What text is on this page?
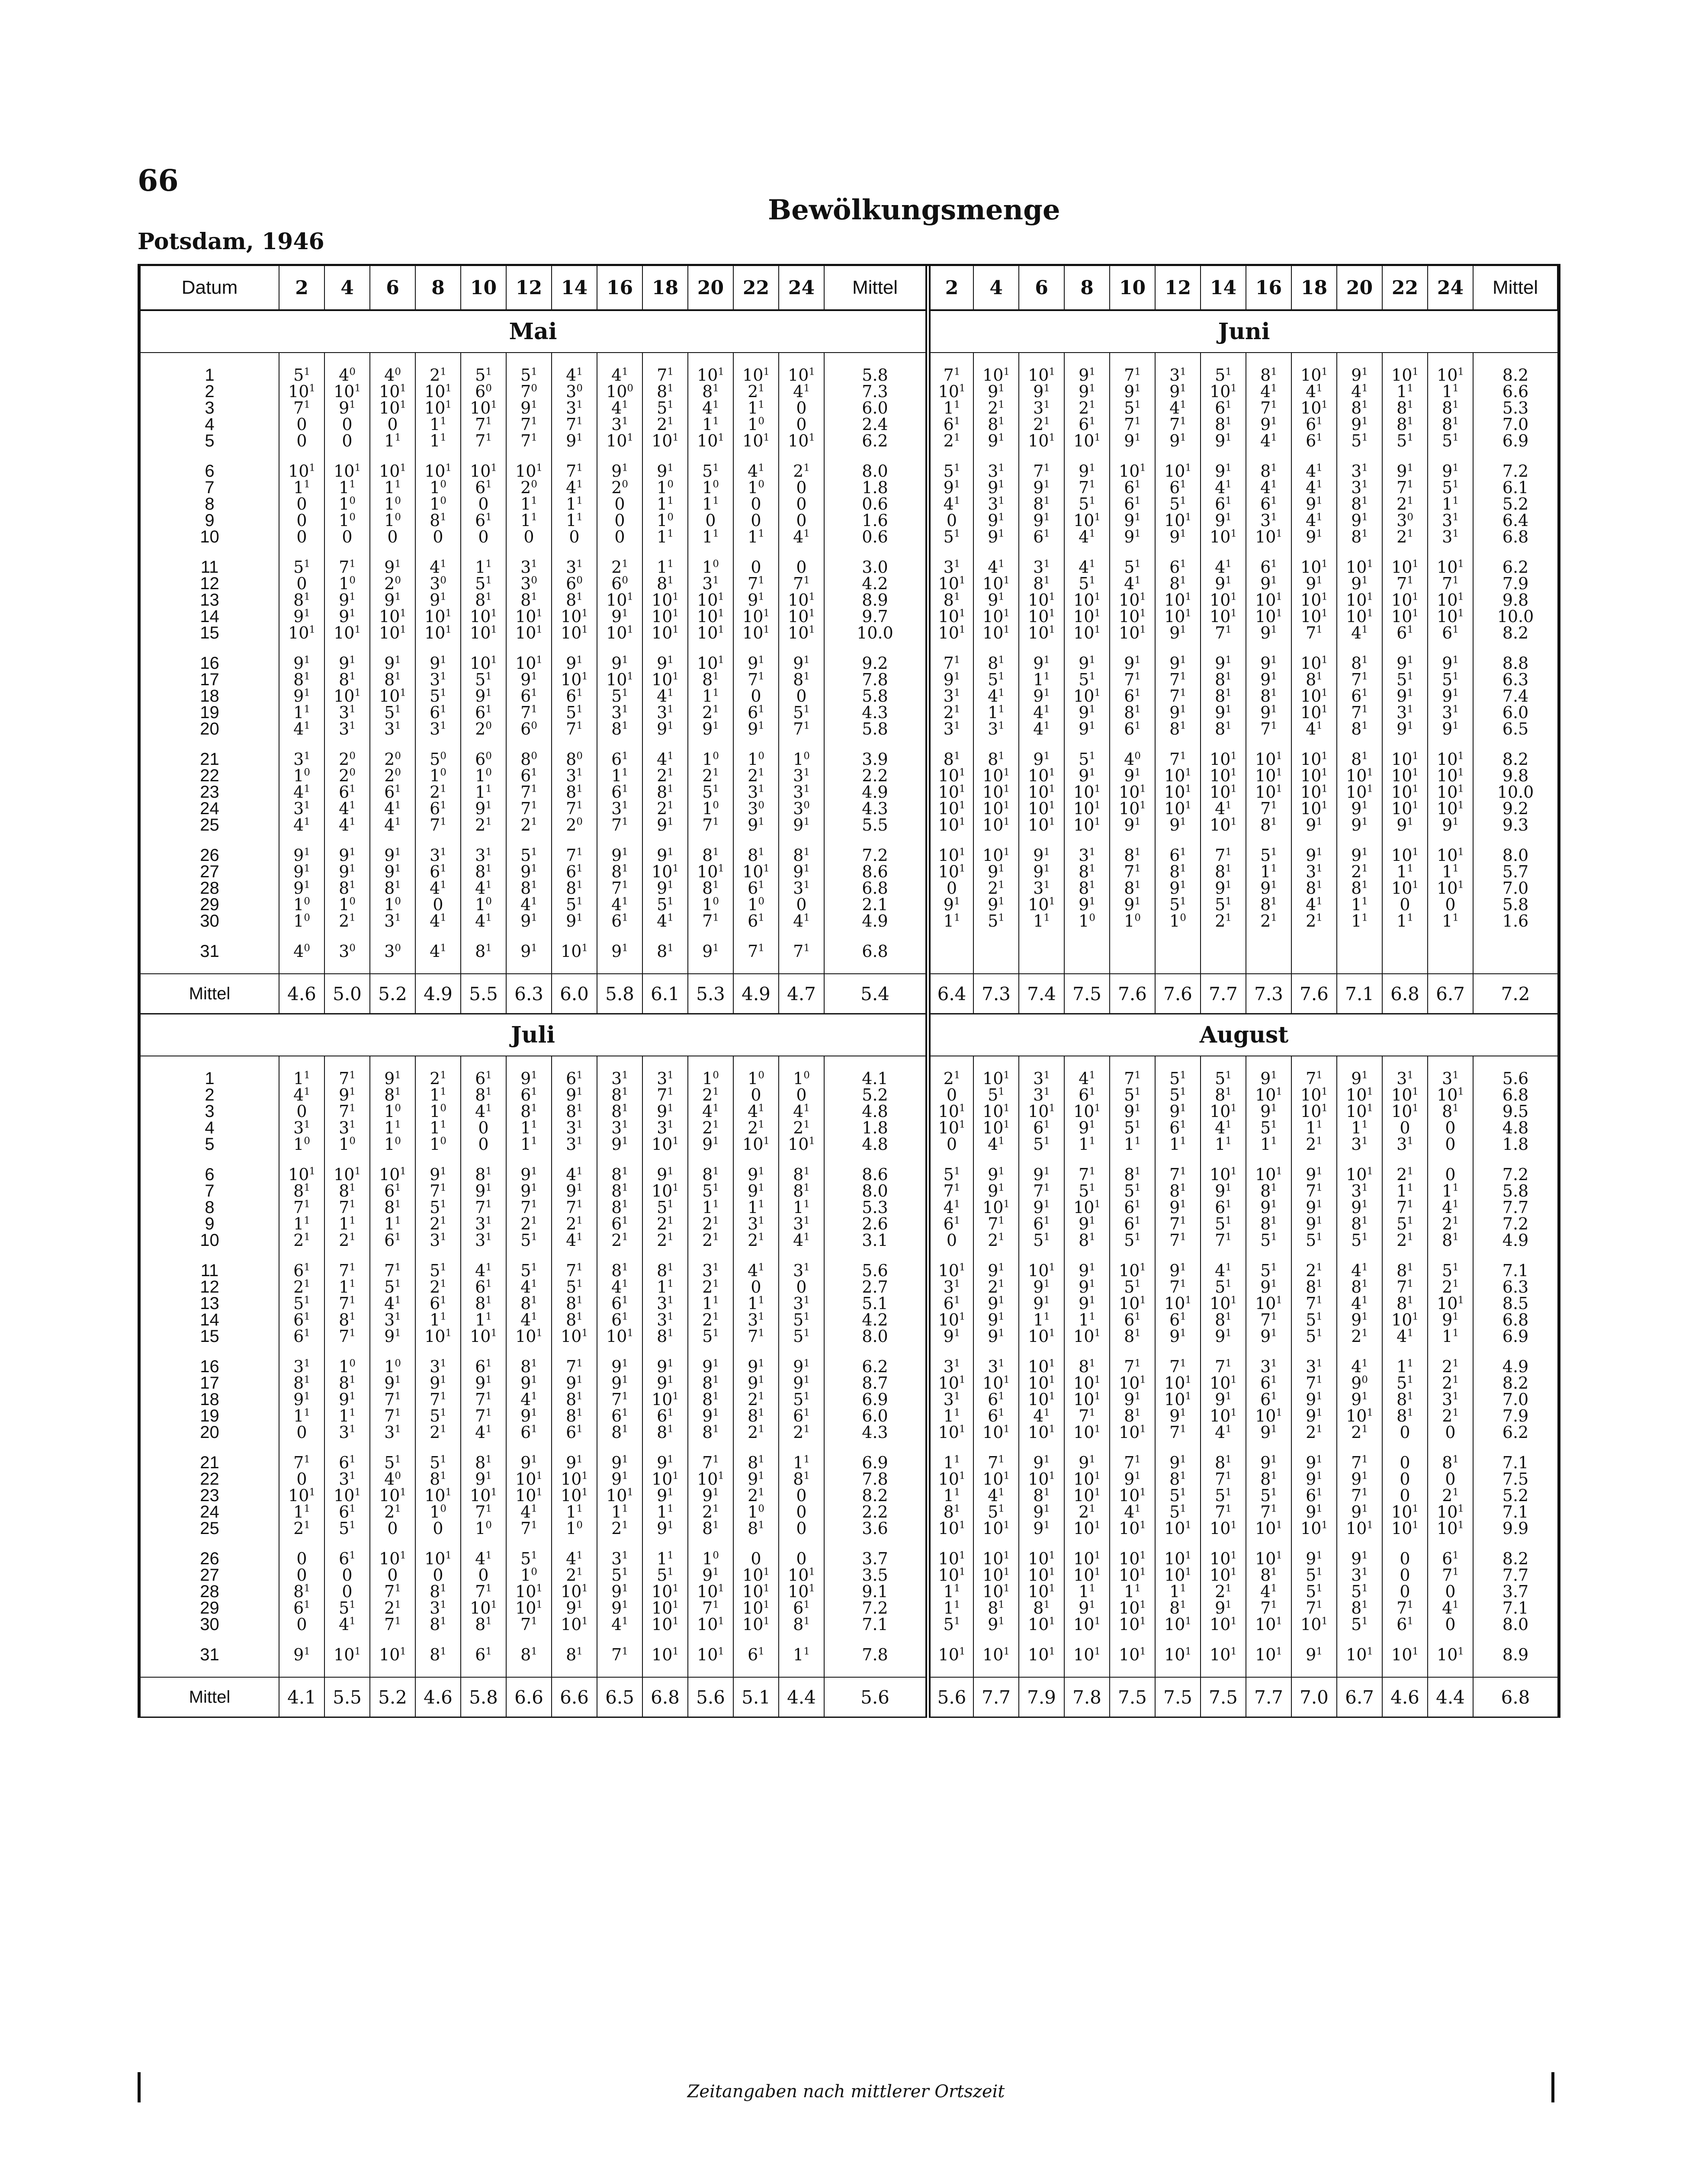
66
Potsdam, 1946
Bewölkungsmenge
Datum	2	4	6	8	10	12	14	16	18	20	22	24	Mittel	2	4	6	8	10	12	14	16	18	20	22	24	Mittel
Mai														Juni												

1	$5^1$	$4^0$	$4^0$	$2^1$	$5^1$	$5^1$	$4^1$	$4^1$	$7^1$	$10^1$	$10^1$	$10^1$	5.8	$7^1$	$10^1$	$10^1$	$9^1$	$7^1$	$3^1$	$5^1$	$8^1$	$10^1$	$9^1$	$10^1$	$10^1$	8.2
2	$10^1$	$10^1$	$10^1$	$10^1$	$6^0$	$7^0$	$3^0$	$10^0$	$8^1$	$8^1$	$2^1$	$4^1$	7.3	$10^1$	$9^1$	$9^1$	$9^1$	$9^1$	$9^1$	$10^1$	$4^1$	$4^1$	$4^1$	$1^1$	$1^1$	6.6
3	$7^1$	$9^1$	$10^1$	$10^1$	$10^1$	$9^1$	$3^1$	$4^1$	$5^1$	$4^1$	$1^1$	0	6.0	$1^1$	$2^1$	$3^1$	$2^1$	$5^1$	$4^1$	$6^1$	$7^1$	$10^1$	$8^1$	$8^1$	$8^1$	5.3
4	0	0	0	$1^1$	$7^1$	$7^1$	$7^1$	$3^1$	$2^1$	$1^1$	$1^0$	0	2.4	$6^1$	$8^1$	$2^1$	$6^1$	$7^1$	$7^1$	$8^1$	$9^1$	$6^1$	$9^1$	$8^1$	$8^1$	7.0
5	0	0	$1^1$	$1^1$	$7^1$	$7^1$	$9^1$	$10^1$	$10^1$	$10^1$	$10^1$	$10^1$	6.2	$2^1$	$9^1$	$10^1$	$10^1$	$9^1$	$9^1$	$9^1$	$4^1$	$6^1$	$5^1$	$5^1$	$5^1$	6.9

6	$10^1$	$10^1$	$10^1$	$10^1$	$10^1$	$10^1$	$7^1$	$9^1$	$9^1$	$5^1$	$4^1$	$2^1$	8.0	$5^1$	$3^1$	$7^1$	$9^1$	$10^1$	$10^1$	$9^1$	$8^1$	$4^1$	$3^1$	$9^1$	$9^1$	7.2
7	$1^1$	$1^1$	$1^1$	$1^0$	$6^1$	$2^0$	$4^1$	$2^0$	$1^0$	$1^0$	$1^0$	0	1.8	$9^1$	$9^1$	$9^1$	$7^1$	$6^1$	$6^1$	$4^1$	$4^1$	$4^1$	$3^1$	$7^1$	$5^1$	6.1
8	0	$1^0$	$1^0$	$1^0$	0	$1^1$	$1^1$	0	$1^1$	$1^1$	0	0	0.6	$4^1$	$3^1$	$8^1$	$5^1$	$6^1$	$5^1$	$6^1$	$6^1$	$9^1$	$8^1$	$2^1$	$1^1$	5.2
9	0	$1^0$	$1^0$	$8^1$	$6^1$	$1^1$	$1^1$	0	$1^0$	0	0	0	1.6	0	$9^1$	$9^1$	$10^1$	$9^1$	$10^1$	$9^1$	$3^1$	$4^1$	$9^1$	$3^0$	$3^1$	6.4
10	0	0	0	0	0	0	0	0	$1^1$	$1^1$	$1^1$	$4^1$	0.6	$5^1$	$9^1$	$6^1$	$4^1$	$9^1$	$9^1$	$10^1$	$10^1$	$9^1$	$8^1$	$2^1$	$3^1$	6.8

11	$5^1$	$7^1$	$9^1$	$4^1$	$1^1$	$3^1$	$3^1$	$2^1$	$1^1$	$1^0$	0	0	3.0	$3^1$	$4^1$	$3^1$	$4^1$	$5^1$	$6^1$	$4^1$	$6^1$	$10^1$	$10^1$	$10^1$	$10^1$	6.2
12	0	$1^0$	$2^0$	$3^0$	$5^1$	$3^0$	$6^0$	$6^0$	$8^1$	$3^1$	$7^1$	$7^1$	4.2	$10^1$	$10^1$	$8^1$	$5^1$	$4^1$	$8^1$	$9^1$	$9^1$	$9^1$	$9^1$	$7^1$	$7^1$	7.9
13	$8^1$	$9^1$	$9^1$	$9^1$	$8^1$	$8^1$	$8^1$	$10^1$	$10^1$	$10^1$	$9^1$	$10^1$	8.9	$8^1$	$9^1$	$10^1$	$10^1$	$10^1$	$10^1$	$10^1$	$10^1$	$10^1$	$10^1$	$10^1$	$10^1$	9.8
14	$9^1$	$9^1$	$10^1$	$10^1$	$10^1$	$10^1$	$10^1$	$9^1$	$10^1$	$10^1$	$10^1$	$10^1$	9.7	$10^1$	$10^1$	$10^1$	$10^1$	$10^1$	$10^1$	$10^1$	$10^1$	$10^1$	$10^1$	$10^1$	$10^1$	10.0
15	$10^1$	$10^1$	$10^1$	$10^1$	$10^1$	$10^1$	$10^1$	$10^1$	$10^1$	$10^1$	$10^1$	$10^1$	10.0	$10^1$	$10^1$	$10^1$	$10^1$	$10^1$	$9^1$	$7^1$	$9^1$	$7^1$	$4^1$	$6^1$	$6^1$	8.2

16	$9^1$	$9^1$	$9^1$	$9^1$	$10^1$	$10^1$	$9^1$	$9^1$	$9^1$	$10^1$	$9^1$	$9^1$	9.2	$7^1$	$8^1$	$9^1$	$9^1$	$9^1$	$9^1$	$9^1$	$9^1$	$10^1$	$8^1$	$9^1$	$9^1$	8.8
17	$8^1$	$8^1$	$8^1$	$3^1$	$5^1$	$9^1$	$10^1$	$10^1$	$10^1$	$8^1$	$7^1$	$8^1$	7.8	$9^1$	$5^1$	$1^1$	$5^1$	$7^1$	$7^1$	$8^1$	$9^1$	$8^1$	$7^1$	$5^1$	$5^1$	6.3
18	$9^1$	$10^1$	$10^1$	$5^1$	$9^1$	$6^1$	$6^1$	$5^1$	$4^1$	$1^1$	0	0	5.8	$3^1$	$4^1$	$9^1$	$10^1$	$6^1$	$7^1$	$8^1$	$8^1$	$10^1$	$6^1$	$9^1$	$9^1$	7.4
19	$1^1$	$3^1$	$5^1$	$6^1$	$6^1$	$7^1$	$5^1$	$3^1$	$3^1$	$2^1$	$6^1$	$5^1$	4.3	$2^1$	$1^1$	$4^1$	$9^1$	$8^1$	$9^1$	$9^1$	$9^1$	$10^1$	$7^1$	$3^1$	$3^1$	6.0
20	$4^1$	$3^1$	$3^1$	$3^1$	$2^0$	$6^0$	$7^1$	$8^1$	$9^1$	$9^1$	$9^1$	$7^1$	5.8	$3^1$	$3^1$	$4^1$	$9^1$	$6^1$	$8^1$	$8^1$	$7^1$	$4^1$	$8^1$	$9^1$	$9^1$	6.5

21	$3^1$	$2^0$	$2^0$	$5^0$	$6^0$	$8^0$	$8^0$	$6^1$	$4^1$	$1^0$	$1^0$	$1^0$	3.9	$8^1$	$8^1$	$9^1$	$5^1$	$4^0$	$7^1$	$10^1$	$10^1$	$10^1$	$8^1$	$10^1$	$10^1$	8.2
22	$1^0$	$2^0$	$2^0$	$1^0$	$1^0$	$6^1$	$3^1$	$1^1$	$2^1$	$2^1$	$2^1$	$3^1$	2.2	$10^1$	$10^1$	$10^1$	$9^1$	$9^1$	$10^1$	$10^1$	$10^1$	$10^1$	$10^1$	$10^1$	$10^1$	9.8
23	$4^1$	$6^1$	$6^1$	$2^1$	$1^1$	$7^1$	$8^1$	$6^1$	$8^1$	$5^1$	$3^1$	$3^1$	4.9	$10^1$	$10^1$	$10^1$	$10^1$	$10^1$	$10^1$	$10^1$	$10^1$	$10^1$	$10^1$	$10^1$	$10^1$	10.0
24	$3^1$	$4^1$	$4^1$	$6^1$	$9^1$	$7^1$	$7^1$	$3^1$	$2^1$	$1^0$	$3^0$	$3^0$	4.3	$10^1$	$10^1$	$10^1$	$10^1$	$10^1$	$10^1$	$4^1$	$7^1$	$10^1$	$9^1$	$10^1$	$10^1$	9.2
25	$4^1$	$4^1$	$4^1$	$7^1$	$2^1$	$2^1$	$2^0$	$7^1$	$9^1$	$7^1$	$9^1$	$9^1$	5.5	$10^1$	$10^1$	$10^1$	$10^1$	$9^1$	$9^1$	$10^1$	$8^1$	$9^1$	$9^1$	$9^1$	$9^1$	9.3

26	$9^1$	$9^1$	$9^1$	$3^1$	$3^1$	$5^1$	$7^1$	$9^1$	$9^1$	$8^1$	$8^1$	$8^1$	7.2	$10^1$	$10^1$	$9^1$	$3^1$	$8^1$	$6^1$	$7^1$	$5^1$	$9^1$	$9^1$	$10^1$	$10^1$	8.0
27	$9^1$	$9^1$	$9^1$	$6^1$	$8^1$	$9^1$	$6^1$	$8^1$	$10^1$	$10^1$	$10^1$	$9^1$	8.6	$10^1$	$9^1$	$9^1$	$8^1$	$7^1$	$8^1$	$8^1$	$1^1$	$3^1$	$2^1$	$1^1$	$1^1$	5.7
28	$9^1$	$8^1$	$8^1$	$4^1$	$4^1$	$8^1$	$8^1$	$7^1$	$9^1$	$8^1$	$6^1$	$3^1$	6.8	0	$2^1$	$3^1$	$8^1$	$8^1$	$9^1$	$9^1$	$9^1$	$8^1$	$8^1$	$10^1$	$10^1$	7.0
29	$1^0$	$1^0$	$1^0$	0	$1^0$	$4^1$	$5^1$	$4^1$	$5^1$	$1^0$	$1^0$	0	2.1	$9^1$	$9^1$	$10^1$	$9^1$	$9^1$	$5^1$	$5^1$	$8^1$	$4^1$	$1^1$	0	0	5.8
30	$1^0$	$2^1$	$3^1$	$4^1$	$4^1$	$9^1$	$9^1$	$6^1$	$4^1$	$7^1$	$6^1$	$4^1$	4.9	$1^1$	$5^1$	$1^1$	$1^0$	$1^0$	$1^0$	$2^1$	$2^1$	$2^1$	$1^1$	$1^1$	$1^1$	1.6

31	$4^0$	$3^0$	$3^0$	$4^1$	$8^1$	$9^1$	$10^1$	$9^1$	$8^1$	$9^1$	$7^1$	$7^1$	6.8													

Mittel	4.6	5.0	5.2	4.9	5.5	6.3	6.0	5.8	6.1	5.3	4.9	4.7	5.4	6.4	7.3	7.4	7.5	7.6	7.6	7.7	7.3	7.6	7.1	6.8	6.7	7.2
Juli														August												

1	$1^1$	$7^1$	$9^1$	$2^1$	$6^1$	$9^1$	$6^1$	$3^1$	$3^1$	$1^0$	$1^0$	$1^0$	4.1	$2^1$	$10^1$	$3^1$	$4^1$	$7^1$	$5^1$	$5^1$	$9^1$	$7^1$	$9^1$	$3^1$	$3^1$	5.6
2	$4^1$	$9^1$	$8^1$	$1^1$	$8^1$	$6^1$	$9^1$	$8^1$	$7^1$	$2^1$	0	0	5.2	0	$5^1$	$3^1$	$6^1$	$5^1$	$5^1$	$8^1$	$10^1$	$10^1$	$10^1$	$10^1$	$10^1$	6.8
3	0	$7^1$	$1^0$	$1^0$	$4^1$	$8^1$	$8^1$	$8^1$	$9^1$	$4^1$	$4^1$	$4^1$	4.8	$10^1$	$10^1$	$10^1$	$10^1$	$9^1$	$9^1$	$10^1$	$9^1$	$10^1$	$10^1$	$10^1$	$8^1$	9.5
4	$3^1$	$3^1$	$1^1$	$1^1$	0	$1^1$	$3^1$	$3^1$	$3^1$	$2^1$	$2^1$	$2^1$	1.8	$10^1$	$10^1$	$6^1$	$9^1$	$5^1$	$6^1$	$4^1$	$5^1$	$1^1$	$1^1$	0	0	4.8
5	$1^0$	$1^0$	$1^0$	$1^0$	0	$1^1$	$3^1$	$9^1$	$10^1$	$9^1$	$10^1$	$10^1$	4.8	0	$4^1$	$5^1$	$1^1$	$1^1$	$1^1$	$1^1$	$1^1$	$2^1$	$3^1$	$3^1$	0	1.8

6	$10^1$	$10^1$	$10^1$	$9^1$	$8^1$	$9^1$	$4^1$	$8^1$	$9^1$	$8^1$	$9^1$	$8^1$	8.6	$5^1$	$9^1$	$9^1$	$7^1$	$8^1$	$7^1$	$10^1$	$10^1$	$9^1$	$10^1$	$2^1$	0	7.2
7	$8^1$	$8^1$	$6^1$	$7^1$	$9^1$	$9^1$	$9^1$	$8^1$	$10^1$	$5^1$	$9^1$	$8^1$	8.0	$7^1$	$9^1$	$7^1$	$5^1$	$5^1$	$8^1$	$9^1$	$8^1$	$7^1$	$3^1$	$1^1$	$1^1$	5.8
8	$7^1$	$7^1$	$8^1$	$5^1$	$7^1$	$7^1$	$7^1$	$8^1$	$5^1$	$1^1$	$1^1$	$1^1$	5.3	$4^1$	$10^1$	$9^1$	$10^1$	$6^1$	$9^1$	$6^1$	$9^1$	$9^1$	$9^1$	$7^1$	$4^1$	7.7
9	$1^1$	$1^1$	$1^1$	$2^1$	$3^1$	$2^1$	$2^1$	$6^1$	$2^1$	$2^1$	$3^1$	$3^1$	2.6	$6^1$	$7^1$	$6^1$	$9^1$	$6^1$	$7^1$	$5^1$	$8^1$	$9^1$	$8^1$	$5^1$	$2^1$	7.2
10	$2^1$	$2^1$	$6^1$	$3^1$	$3^1$	$5^1$	$4^1$	$2^1$	$2^1$	$2^1$	$2^1$	$4^1$	3.1	0	$2^1$	$5^1$	$8^1$	$5^1$	$7^1$	$7^1$	$5^1$	$5^1$	$5^1$	$2^1$	$8^1$	4.9

11	$6^1$	$7^1$	$7^1$	$5^1$	$4^1$	$5^1$	$7^1$	$8^1$	$8^1$	$3^1$	$4^1$	$3^1$	5.6	$10^1$	$9^1$	$10^1$	$9^1$	$10^1$	$9^1$	$4^1$	$5^1$	$2^1$	$4^1$	$8^1$	$5^1$	7.1
12	$2^1$	$1^1$	$5^1$	$2^1$	$6^1$	$4^1$	$5^1$	$4^1$	$1^1$	$2^1$	0	0	2.7	$3^1$	$2^1$	$9^1$	$9^1$	$5^1$	$7^1$	$5^1$	$9^1$	$8^1$	$8^1$	$7^1$	$2^1$	6.3
13	$5^1$	$7^1$	$4^1$	$6^1$	$8^1$	$8^1$	$8^1$	$6^1$	$3^1$	$1^1$	$1^1$	$3^1$	5.1	$6^1$	$9^1$	$9^1$	$9^1$	$10^1$	$10^1$	$10^1$	$10^1$	$7^1$	$4^1$	$8^1$	$10^1$	8.5
14	$6^1$	$8^1$	$3^1$	$1^1$	$1^1$	$4^1$	$8^1$	$6^1$	$3^1$	$2^1$	$3^1$	$5^1$	4.2	$10^1$	$9^1$	$1^1$	$1^1$	$6^1$	$6^1$	$8^1$	$7^1$	$5^1$	$9^1$	$10^1$	$9^1$	6.8
15	$6^1$	$7^1$	$9^1$	$10^1$	$10^1$	$10^1$	$10^1$	$10^1$	$8^1$	$5^1$	$7^1$	$5^1$	8.0	$9^1$	$9^1$	$10^1$	$10^1$	$8^1$	$9^1$	$9^1$	$9^1$	$5^1$	$2^1$	$4^1$	$1^1$	6.9

16	$3^1$	$1^0$	$1^0$	$3^1$	$6^1$	$8^1$	$7^1$	$9^1$	$9^1$	$9^1$	$9^1$	$9^1$	6.2	$3^1$	$3^1$	$10^1$	$8^1$	$7^1$	$7^1$	$7^1$	$3^1$	$3^1$	$4^1$	$1^1$	$2^1$	4.9
17	$8^1$	$8^1$	$9^1$	$9^1$	$9^1$	$9^1$	$9^1$	$9^1$	$9^1$	$8^1$	$9^1$	$9^1$	8.7	$10^1$	$10^1$	$10^1$	$10^1$	$10^1$	$10^1$	$10^1$	$6^1$	$7^1$	$9^0$	$5^1$	$2^1$	8.2
18	$9^1$	$9^1$	$7^1$	$7^1$	$7^1$	$4^1$	$8^1$	$7^1$	$10^1$	$8^1$	$2^1$	$5^1$	6.9	$3^1$	$6^1$	$10^1$	$10^1$	$9^1$	$10^1$	$9^1$	$6^1$	$9^1$	$9^1$	$8^1$	$3^1$	7.0
19	$1^1$	$1^1$	$7^1$	$5^1$	$7^1$	$9^1$	$8^1$	$6^1$	$6^1$	$9^1$	$8^1$	$6^1$	6.0	$1^1$	$6^1$	$4^1$	$7^1$	$8^1$	$9^1$	$10^1$	$10^1$	$9^1$	$10^1$	$8^1$	$2^1$	7.9
20	0	$3^1$	$3^1$	$2^1$	$4^1$	$6^1$	$6^1$	$8^1$	$8^1$	$8^1$	$2^1$	$2^1$	4.3	$10^1$	$10^1$	$10^1$	$10^1$	$10^1$	$7^1$	$4^1$	$9^1$	$2^1$	$2^1$	0	0	6.2

21	$7^1$	$6^1$	$5^1$	$5^1$	$8^1$	$9^1$	$9^1$	$9^1$	$9^1$	$7^1$	$8^1$	$1^1$	6.9	$1^1$	$7^1$	$9^1$	$9^1$	$7^1$	$9^1$	$8^1$	$9^1$	$9^1$	$7^1$	0	$8^1$	7.1
22	0	$3^1$	$4^0$	$8^1$	$9^1$	$10^1$	$10^1$	$9^1$	$10^1$	$10^1$	$9^1$	$8^1$	7.8	$10^1$	$10^1$	$10^1$	$10^1$	$9^1$	$8^1$	$7^1$	$8^1$	$9^1$	$9^1$	0	0	7.5
23	$10^1$	$10^1$	$10^1$	$10^1$	$10^1$	$10^1$	$10^1$	$10^1$	$9^1$	$9^1$	$2^1$	0	8.2	$1^1$	$4^1$	$8^1$	$10^1$	$10^1$	$5^1$	$5^1$	$5^1$	$6^1$	$7^1$	0	$2^1$	5.2
24	$1^1$	$6^1$	$2^1$	$1^0$	$7^1$	$4^1$	$1^1$	$1^1$	$1^1$	$2^1$	$1^0$	0	2.2	$8^1$	$5^1$	$9^1$	$2^1$	$4^1$	$5^1$	$7^1$	$7^1$	$9^1$	$9^1$	$10^1$	$10^1$	7.1
25	$2^1$	$5^1$	0	0	$1^0$	$7^1$	$1^0$	$2^1$	$9^1$	$8^1$	$8^1$	0	3.6	$10^1$	$10^1$	$9^1$	$10^1$	$10^1$	$10^1$	$10^1$	$10^1$	$10^1$	$10^1$	$10^1$	$10^1$	9.9

26	0	$6^1$	$10^1$	$10^1$	$4^1$	$5^1$	$4^1$	$3^1$	$1^1$	$1^0$	0	0	3.7	$10^1$	$10^1$	$10^1$	$10^1$	$10^1$	$10^1$	$10^1$	$10^1$	$9^1$	$9^1$	0	$6^1$	8.2
27	0	0	0	0	0	$1^0$	$2^1$	$5^1$	$5^1$	$9^1$	$10^1$	$10^1$	3.5	$10^1$	$10^1$	$10^1$	$10^1$	$10^1$	$10^1$	$10^1$	$8^1$	$5^1$	$3^1$	0	$7^1$	7.7
28	$8^1$	0	$7^1$	$8^1$	$7^1$	$10^1$	$10^1$	$9^1$	$10^1$	$10^1$	$10^1$	$10^1$	9.1	$1^1$	$10^1$	$10^1$	$1^1$	$1^1$	$1^1$	$2^1$	$4^1$	$5^1$	$5^1$	0	0	3.7
29	$6^1$	$5^1$	$2^1$	$3^1$	$10^1$	$10^1$	$9^1$	$9^1$	$10^1$	$7^1$	$10^1$	$6^1$	7.2	$1^1$	$8^1$	$8^1$	$9^1$	$10^1$	$8^1$	$9^1$	$7^1$	$7^1$	$8^1$	$7^1$	$4^1$	7.1
30	0	$4^1$	$7^1$	$8^1$	$8^1$	$7^1$	$10^1$	$4^1$	$10^1$	$10^1$	$10^1$	$8^1$	7.1	$5^1$	$9^1$	$10^1$	$10^1$	$10^1$	$10^1$	$10^1$	$10^1$	$10^1$	$5^1$	$6^1$	0	8.0

31	$9^1$	$10^1$	$10^1$	$8^1$	$6^1$	$8^1$	$8^1$	$7^1$	$10^1$	$10^1$	$6^1$	$1^1$	7.8	$10^1$	$10^1$	$10^1$	$10^1$	$10^1$	$10^1$	$10^1$	$10^1$	$9^1$	$10^1$	$10^1$	$10^1$	8.9

Mittel	4.1	5.5	5.2	4.6	5.8	6.6	6.6	6.5	6.8	5.6	5.1	4.4	5.6	5.6	7.7	7.9	7.8	7.5	7.5	7.5	7.7	7.0	6.7	4.6	4.4	6.8
Zeitangaben nach mittlerer Ortszeit
